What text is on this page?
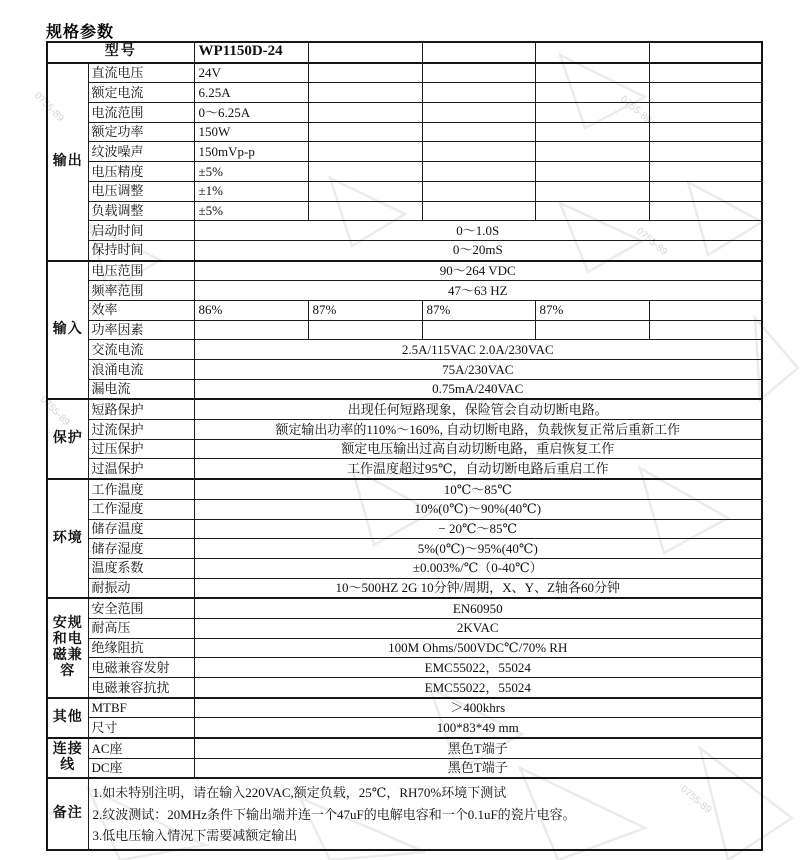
0755-89
0755-89
0755-89
0755-89
0755-89
规格参数
型号		WP1150D-24				
输出	直流电压	24V				
	额定电流	6.25A				
	电流范围	0～6.25A				
	额定功率	150W				
	纹波噪声	150mVp-p				
	电压精度	±5%				
	电压调整	±1%				
	负载调整	±5%				
	启动时间	0～1.0S				
	保持时间	0～20mS				
输入	电压范围	90～264 VDC				
	频率范围	47～63 HZ				
	效率	86%	87%	87%	87%	
	功率因素					
	交流电流	2.5A/115VAC 2.0A/230VAC				
	浪涌电流	75A/230VAC				
	漏电流	0.75mA/240VAC				
保护	短路保护	出现任何短路现象，保险管会自动切断电路。				
	过流保护	额定输出功率的110%～160%, 自动切断电路，负载恢复正常后重新工作				
	过压保护	额定电压输出过高自动切断电路，重启恢复工作				
	过温保护	工作温度超过95℃，自动切断电路后重启工作				
环境	工作温度	10℃～85℃				
	工作湿度	10%(0℃)～90%(40℃)				
	储存温度	− 20℃～85℃				
	储存湿度	5%(0℃)～95%(40℃)				
	温度系数	±0.003%/℃（0-40℃）				
	耐振动	10～500HZ 2G 10分钟/周期，X、Y、Z轴各60分钟				
安规和电磁兼容	安全范围	EN60950				
	耐高压	2KVAC				
	绝缘阻抗	100M Ohms/500VDC℃/70% RH				
	电磁兼容发射	EMC55022，55024				
	电磁兼容抗扰	EMC55022，55024				
其他	MTBF	＞400khrs				
	尺寸	100*83*49 mm				
连接线	AC座	黑色T端子				
	DC座	黑色T端子				
备注	1.如未特别注明，请在输入220VAC,额定负载，25℃，RH70%环境下测试
2.纹波测试：20MHz条件下输出端并连一个47uF的电解电容和一个0.1uF的瓷片电容。
3.低电压输入情况下需要减额定输出					
